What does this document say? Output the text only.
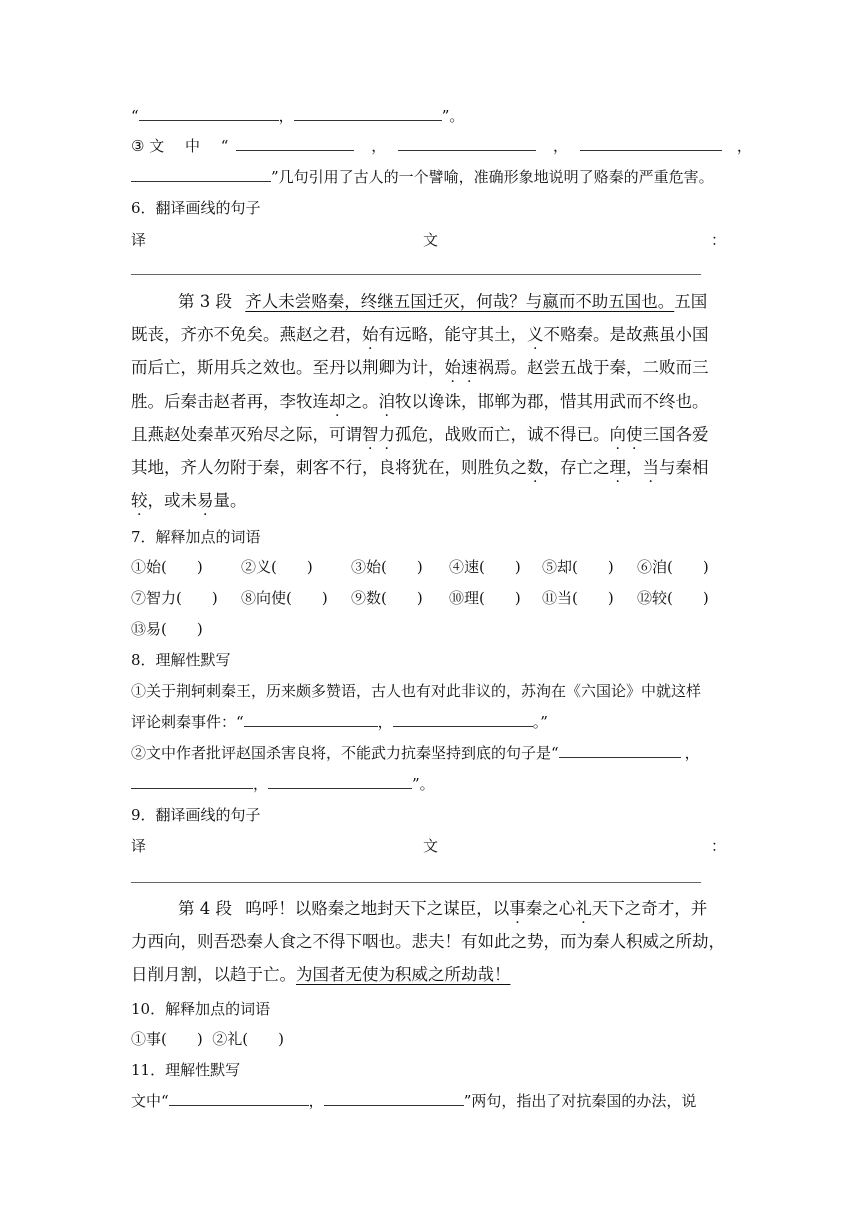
“	，	”。
③ 文 中 “	，	，	，
”几句引用了古人的一个譬喻，准确形象地说明了赂秦的严重危害。
6．翻译画线的句子
译	文	：
第 3 段 齐人未尝赂秦，终继五国迁灭，何哉？与嬴而不助五国也。五国
既丧，齐亦不免矣。燕赵之君，始有远略，能守其土，义不赂秦。是故燕虽小国
而后亡，斯用兵之效也。至丹以荆卿为计，始速祸焉。赵尝五战于秦，二败而三
胜。后秦击赵者再，李牧连却之。洎牧以谗诛，邯郸为郡，惜其用武而不终也。
且燕赵处秦革灭殆尽之际，可谓智力孤危，战败而亡，诚不得已。向使三国各爱
其地，齐人勿附于秦，刺客不行，良将犹在，则胜负之数，存亡之理，当与秦相
较，或未易量。
7．解释加点的词语
①始(　　)	②义(　　)	③始(　　) ④速(　　) ⑤却(　　) ⑥洎(　　)
⑦智力(　　) ⑧向使(　　) ⑨数(　　) ⑩理(　　) ⑪当(　　) ⑫较(　　)
⑬易(　　)
8．理解性默写
①关于荆轲刺秦王，历来颇多赞语，古人也有对此非议的，苏洵在《六国论》中就这样
评论刺秦事件：“	，	。”
②文中作者批评赵国杀害良将，不能武力抗秦坚持到底的句子是“	，
，	”。
9．翻译画线的句子
译	文	：
第 4 段 呜呼！以赂秦之地封天下之谋臣，以事秦之心礼天下之奇才，并
力西向，则吾恐秦人食之不得下咽也。悲夫！有如此之势，而为秦人积威之所劫，
日削月割，以趋于亡。为国者无使为积威之所劫哉！
10．解释加点的词语
①事(　　)  ②礼(　　)
11．理解性默写
文中“	，	”两句，指出了对抗秦国的办法，说
